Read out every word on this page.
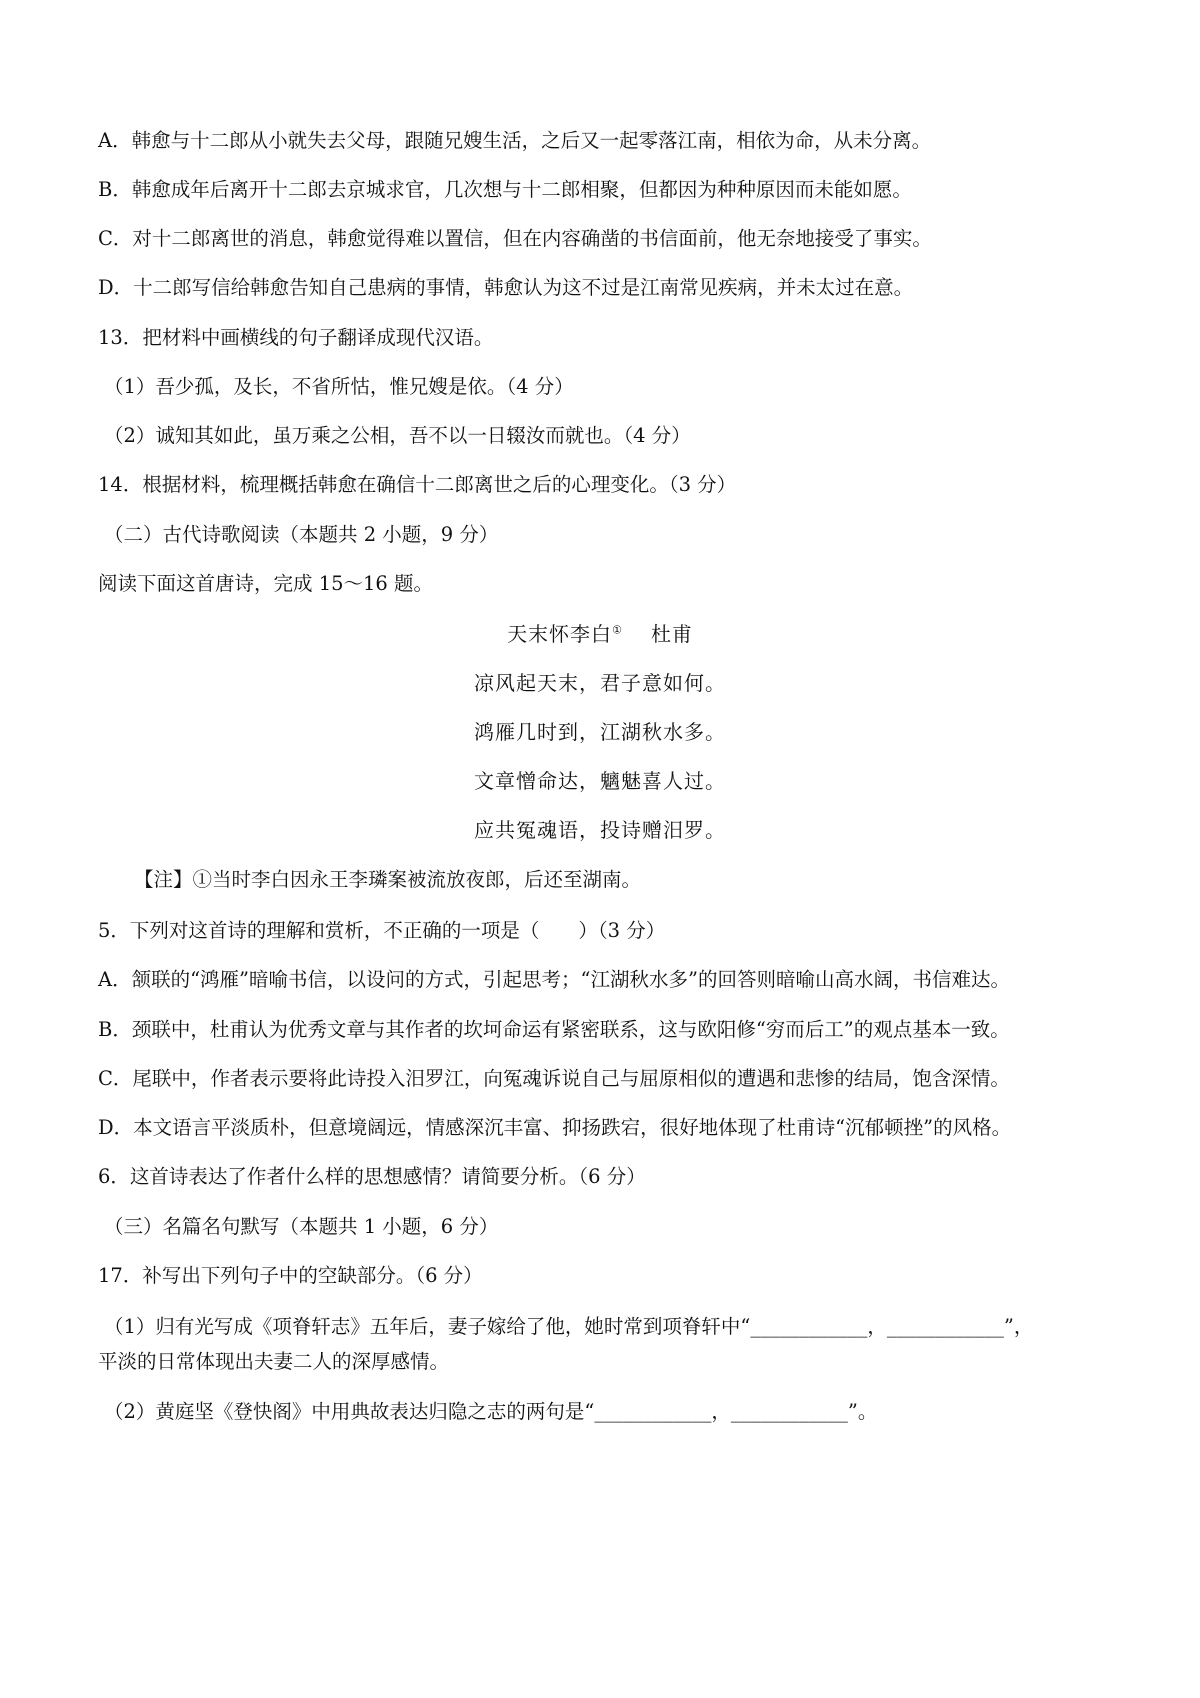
A．韩愈与十二郎从小就失去父母，跟随兄嫂生活，之后又一起零落江南，相依为命，从未分离。
B．韩愈成年后离开十二郎去京城求官，几次想与十二郎相聚，但都因为种种原因而未能如愿。
C．对十二郎离世的消息，韩愈觉得难以置信，但在内容确凿的书信面前，他无奈地接受了事实。
D．十二郎写信给韩愈告知自己患病的事情，韩愈认为这不过是江南常见疾病，并未太过在意。
13．把材料中画横线的句子翻译成现代汉语。
（1）吾少孤，及长，不省所怙，惟兄嫂是依。（4 分）
（2）诚知其如此，虽万乘之公相，吾不以一日辍汝而就也。（4 分）
14．根据材料，梳理概括韩愈在确信十二郎离世之后的心理变化。（3 分）
（二）古代诗歌阅读（本题共 2 小题，9 分）
阅读下面这首唐诗，完成 15～16 题。
天末怀李白① 杜甫
凉风起天末，君子意如何。
鸿雁几时到，江湖秋水多。
文章憎命达，魑魅喜人过。
应共冤魂语，投诗赠汨罗。
【注】①当时李白因永王李璘案被流放夜郎，后还至湖南。
5．下列对这首诗的理解和赏析，不正确的一项是（　　）（3 分）
A．颔联的“鸿雁”暗喻书信，以设问的方式，引起思考；“江湖秋水多”的回答则暗喻山高水阔，书信难达。
B．颈联中，杜甫认为优秀文章与其作者的坎坷命运有紧密联系，这与欧阳修“穷而后工”的观点基本一致。
C．尾联中，作者表示要将此诗投入汨罗江，向冤魂诉说自己与屈原相似的遭遇和悲惨的结局，饱含深情。
D．本文语言平淡质朴，但意境阔远，情感深沉丰富、抑扬跌宕，很好地体现了杜甫诗“沉郁顿挫”的风格。
6．这首诗表达了作者什么样的思想感情？请简要分析。（6 分）
（三）名篇名句默写（本题共 1 小题，6 分）
17．补写出下列句子中的空缺部分。（6 分）
（1）归有光写成《项脊轩志》五年后，妻子嫁给了他，她时常到项脊轩中“____________，____________”，
平淡的日常体现出夫妻二人的深厚感情。
（2）黄庭坚《登快阁》中用典故表达归隐之志的两句是“____________，____________”。
